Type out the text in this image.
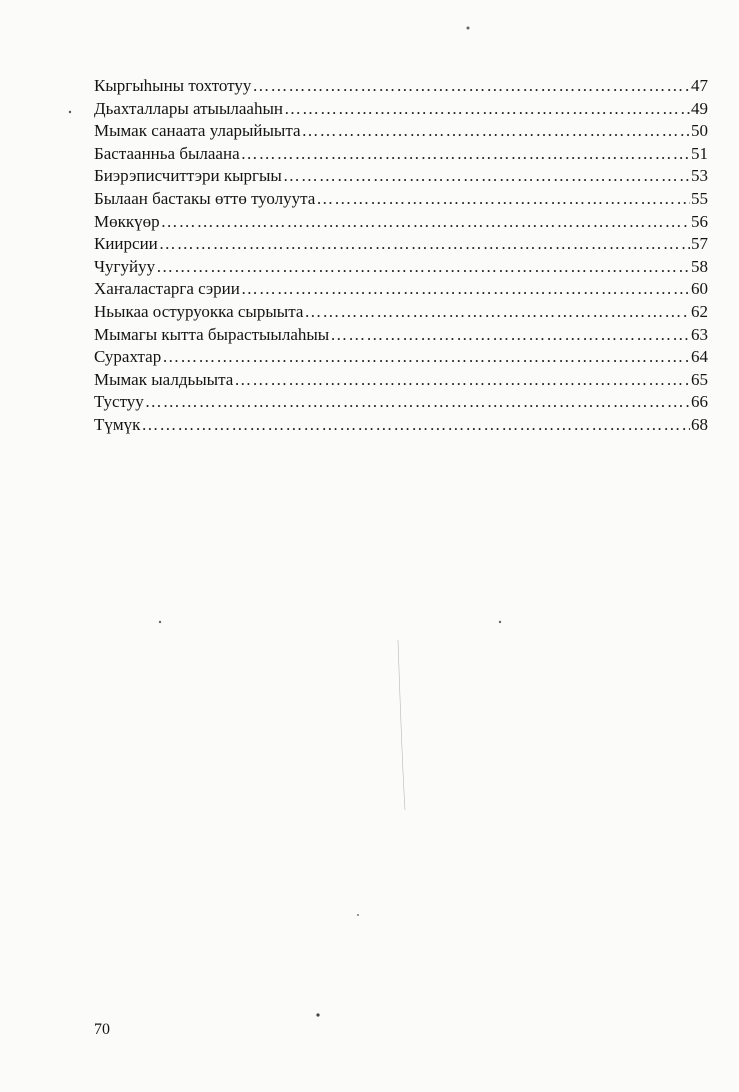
Кыргыһыны тохтотуу ……………………………………………………………………………………………………………………………………………………………………………………………………………………	47
Дьахталлары атыылааһын ……………………………………………………………………………………………………………………………………………………………………………………………………………………	49
Мымак санаата уларыйыыта ……………………………………………………………………………………………………………………………………………………………………………………………………………………	50
Бастаанньа былаана ……………………………………………………………………………………………………………………………………………………………………………………………………………………	51
Биэрэписчиттэри кыргыы ……………………………………………………………………………………………………………………………………………………………………………………………………………………	53
Былаан бастакы өттө туолуута ……………………………………………………………………………………………………………………………………………………………………………………………………………………	55
Мөккүөр ……………………………………………………………………………………………………………………………………………………………………………………………………………………	56
Киирсии ……………………………………………………………………………………………………………………………………………………………………………………………………………………	57
Чугуйуу ……………………………………………………………………………………………………………………………………………………………………………………………………………………	58
Хаҥаластарга сэрии ……………………………………………………………………………………………………………………………………………………………………………………………………………………	60
Ньыкаа остуруокка сырыыта ……………………………………………………………………………………………………………………………………………………………………………………………………………………	62
Мымагы кытта быраcтыылаһыы ……………………………………………………………………………………………………………………………………………………………………………………………………………………	63
Сурахтар ……………………………………………………………………………………………………………………………………………………………………………………………………………………	64
Мымак ыалдьыыта ……………………………………………………………………………………………………………………………………………………………………………………………………………………	65
Тустуу ……………………………………………………………………………………………………………………………………………………………………………………………………………………	66
Түмүк ……………………………………………………………………………………………………………………………………………………………………………………………………………………	68
70
